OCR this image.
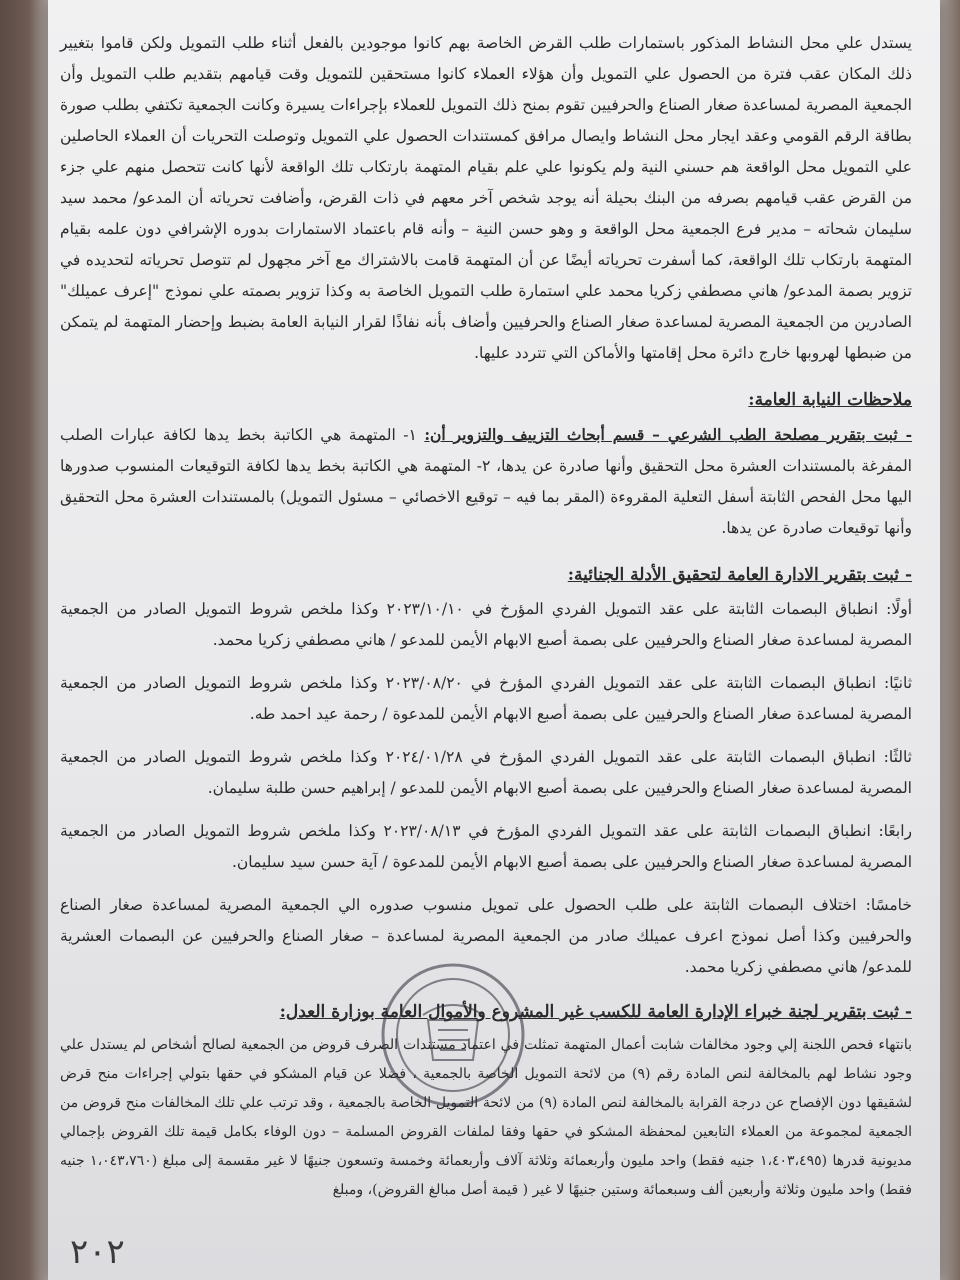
يستدل علي محل النشاط المذكور باستمارات طلب القرض الخاصة بهم كانوا موجودين بالفعل أثناء طلب التمويل ولكن قاموا بتغيير ذلك المكان عقب فترة من الحصول علي التمويل وأن هؤلاء العملاء كانوا مستحقين للتمويل وقت قيامهم بتقديم طلب التمويل وأن الجمعية المصرية لمساعدة صغار الصناع والحرفيين تقوم بمنح ذلك التمويل للعملاء بإجراءات يسيرة وكانت الجمعية تكتفي بطلب صورة بطاقة الرقم القومي وعقد ايجار محل النشاط وايصال مرافق كمستندات الحصول علي التمويل وتوصلت التحريات أن العملاء الحاصلين علي التمويل محل الواقعة هم حسني النية ولم يكونوا علي علم بقيام المتهمة بارتكاب تلك الواقعة لأنها كانت تتحصل منهم علي جزء من القرض عقب قيامهم بصرفه من البنك بحيلة أنه يوجد شخص آخر معهم في ذات القرض، وأضافت تحرياته أن المدعو/ محمد سيد سليمان شحاته – مدير فرع الجمعية محل الواقعة و وهو حسن النية – وأنه قام باعتماد الاستمارات بدوره الإشرافي دون علمه بقيام المتهمة بارتكاب تلك الواقعة، كما أسفرت تحرياته أيضًا عن أن المتهمة قامت بالاشتراك مع آخر مجهول لم تتوصل تحرياته لتحديده في تزوير بصمة المدعو/ هاني مصطفي زكريا محمد علي استمارة طلب التمويل الخاصة به وكذا تزوير بصمته علي نموذج "إعرف عميلك" الصادرين من الجمعية المصرية لمساعدة صغار الصناع والحرفيين وأضاف بأنه نفاذًا لقرار النيابة العامة بضبط وإحضار المتهمة لم يتمكن من ضبطها لهروبها خارج دائرة محل إقامتها والأماكن التي تتردد عليها.

ملاحظات النيابة العامة:

- ثبت بتقرير مصلحة الطب الشرعي – قسم أبحاث التزييف والتزوير أن: ١- المتهمة هي الكاتبة بخط يدها لكافة عبارات الصلب المفرغة بالمستندات العشرة محل التحقيق وأنها صادرة عن يدها، ٢- المتهمة هي الكاتبة بخط يدها لكافة التوقيعات المنسوب صدورها اليها محل الفحص الثابتة أسفل التعلية المقروءة (المقر بما فيه – توقيع الاخصائي – مسئول التمويل) بالمستندات العشرة محل التحقيق وأنها توقيعات صادرة عن يدها.

- ثبت بتقرير الادارة العامة لتحقيق الأدلة الجنائية:

أولًا: انطباق البصمات الثابتة على عقد التمويل الفردي المؤرخ في ٢٠٢٣/١٠/١٠ وكذا ملخص شروط التمويل الصادر من الجمعية المصرية لمساعدة صغار الصناع والحرفيين على بصمة أصبع الابهام الأيمن للمدعو / هاني مصطفي زكريا محمد.

ثانيًا: انطباق البصمات الثابتة على عقد التمويل الفردي المؤرخ في ٢٠٢٣/٠٨/٢٠ وكذا ملخص شروط التمويل الصادر من الجمعية المصرية لمساعدة صغار الصناع والحرفيين على بصمة أصبع الابهام الأيمن للمدعوة / رحمة عيد احمد طه.

ثالثًا: انطباق البصمات الثابتة على عقد التمويل الفردي المؤرخ في ٢٠٢٤/٠١/٢٨ وكذا ملخص شروط التمويل الصادر من الجمعية المصرية لمساعدة صغار الصناع والحرفيين على بصمة أصبع الابهام الأيمن للمدعو / إبراهيم حسن طلبة سليمان.

رابعًا: انطباق البصمات الثابتة على عقد التمويل الفردي المؤرخ في ٢٠٢٣/٠٨/١٣ وكذا ملخص شروط التمويل الصادر من الجمعية المصرية لمساعدة صغار الصناع والحرفيين على بصمة أصبع الابهام الأيمن للمدعوة / آية حسن سيد سليمان.

خامسًا: اختلاف البصمات الثابتة على طلب الحصول على تمويل منسوب صدوره الي الجمعية المصرية لمساعدة صغار الصناع والحرفيين وكذا أصل نموذج اعرف عميلك صادر من الجمعية المصرية لمساعدة – صغار الصناع والحرفيين عن البصمات العشرية للمدعو/ هاني مصطفي زكريا محمد.

- ثبت بتقرير لجنة خبراء الإدارة العامة للكسب غير المشروع والأموال العامة بوزارة العدل:

بانتهاء فحص اللجنة إلي وجود مخالفات شابت أعمال المتهمة تمثلت في اعتماد مستندات الصرف قروض من الجمعية لصالح أشخاص لم يستدل علي وجود نشاط لهم بالمخالفة لنص المادة رقم (٩) من لائحة التمويل الخاصة بالجمعية ، فضلا عن قيام المشكو في حقها بتولي إجراءات منح قرض لشقيقها دون الإفصاح عن درجة القرابة بالمخالفة لنص المادة (٩) من لائحة التمويل الخاصة بالجمعية ، وقد ترتب علي تلك المخالفات منح قروض من الجمعية لمجموعة من العملاء التابعين لمحفظة المشكو في حقها وفقا لملفات القروض المسلمة – دون الوفاء بكامل قيمة تلك القروض بإجمالي مديونية قدرها (١،٤٠٣،٤٩٥ جنيه فقط) واحد مليون وأربعمائة وثلاثة آلاف وأربعمائة وخمسة وتسعون جنيهًا لا غير مقسمة إلى مبلغ (١،٠٤٣،٧٦٠ جنيه فقط) واحد مليون وثلاثة وأربعين ألف وسبعمائة وستين جنيهًا لا غير ( قيمة أصل مبالغ القروض)، ومبلغ

٢٠٢
